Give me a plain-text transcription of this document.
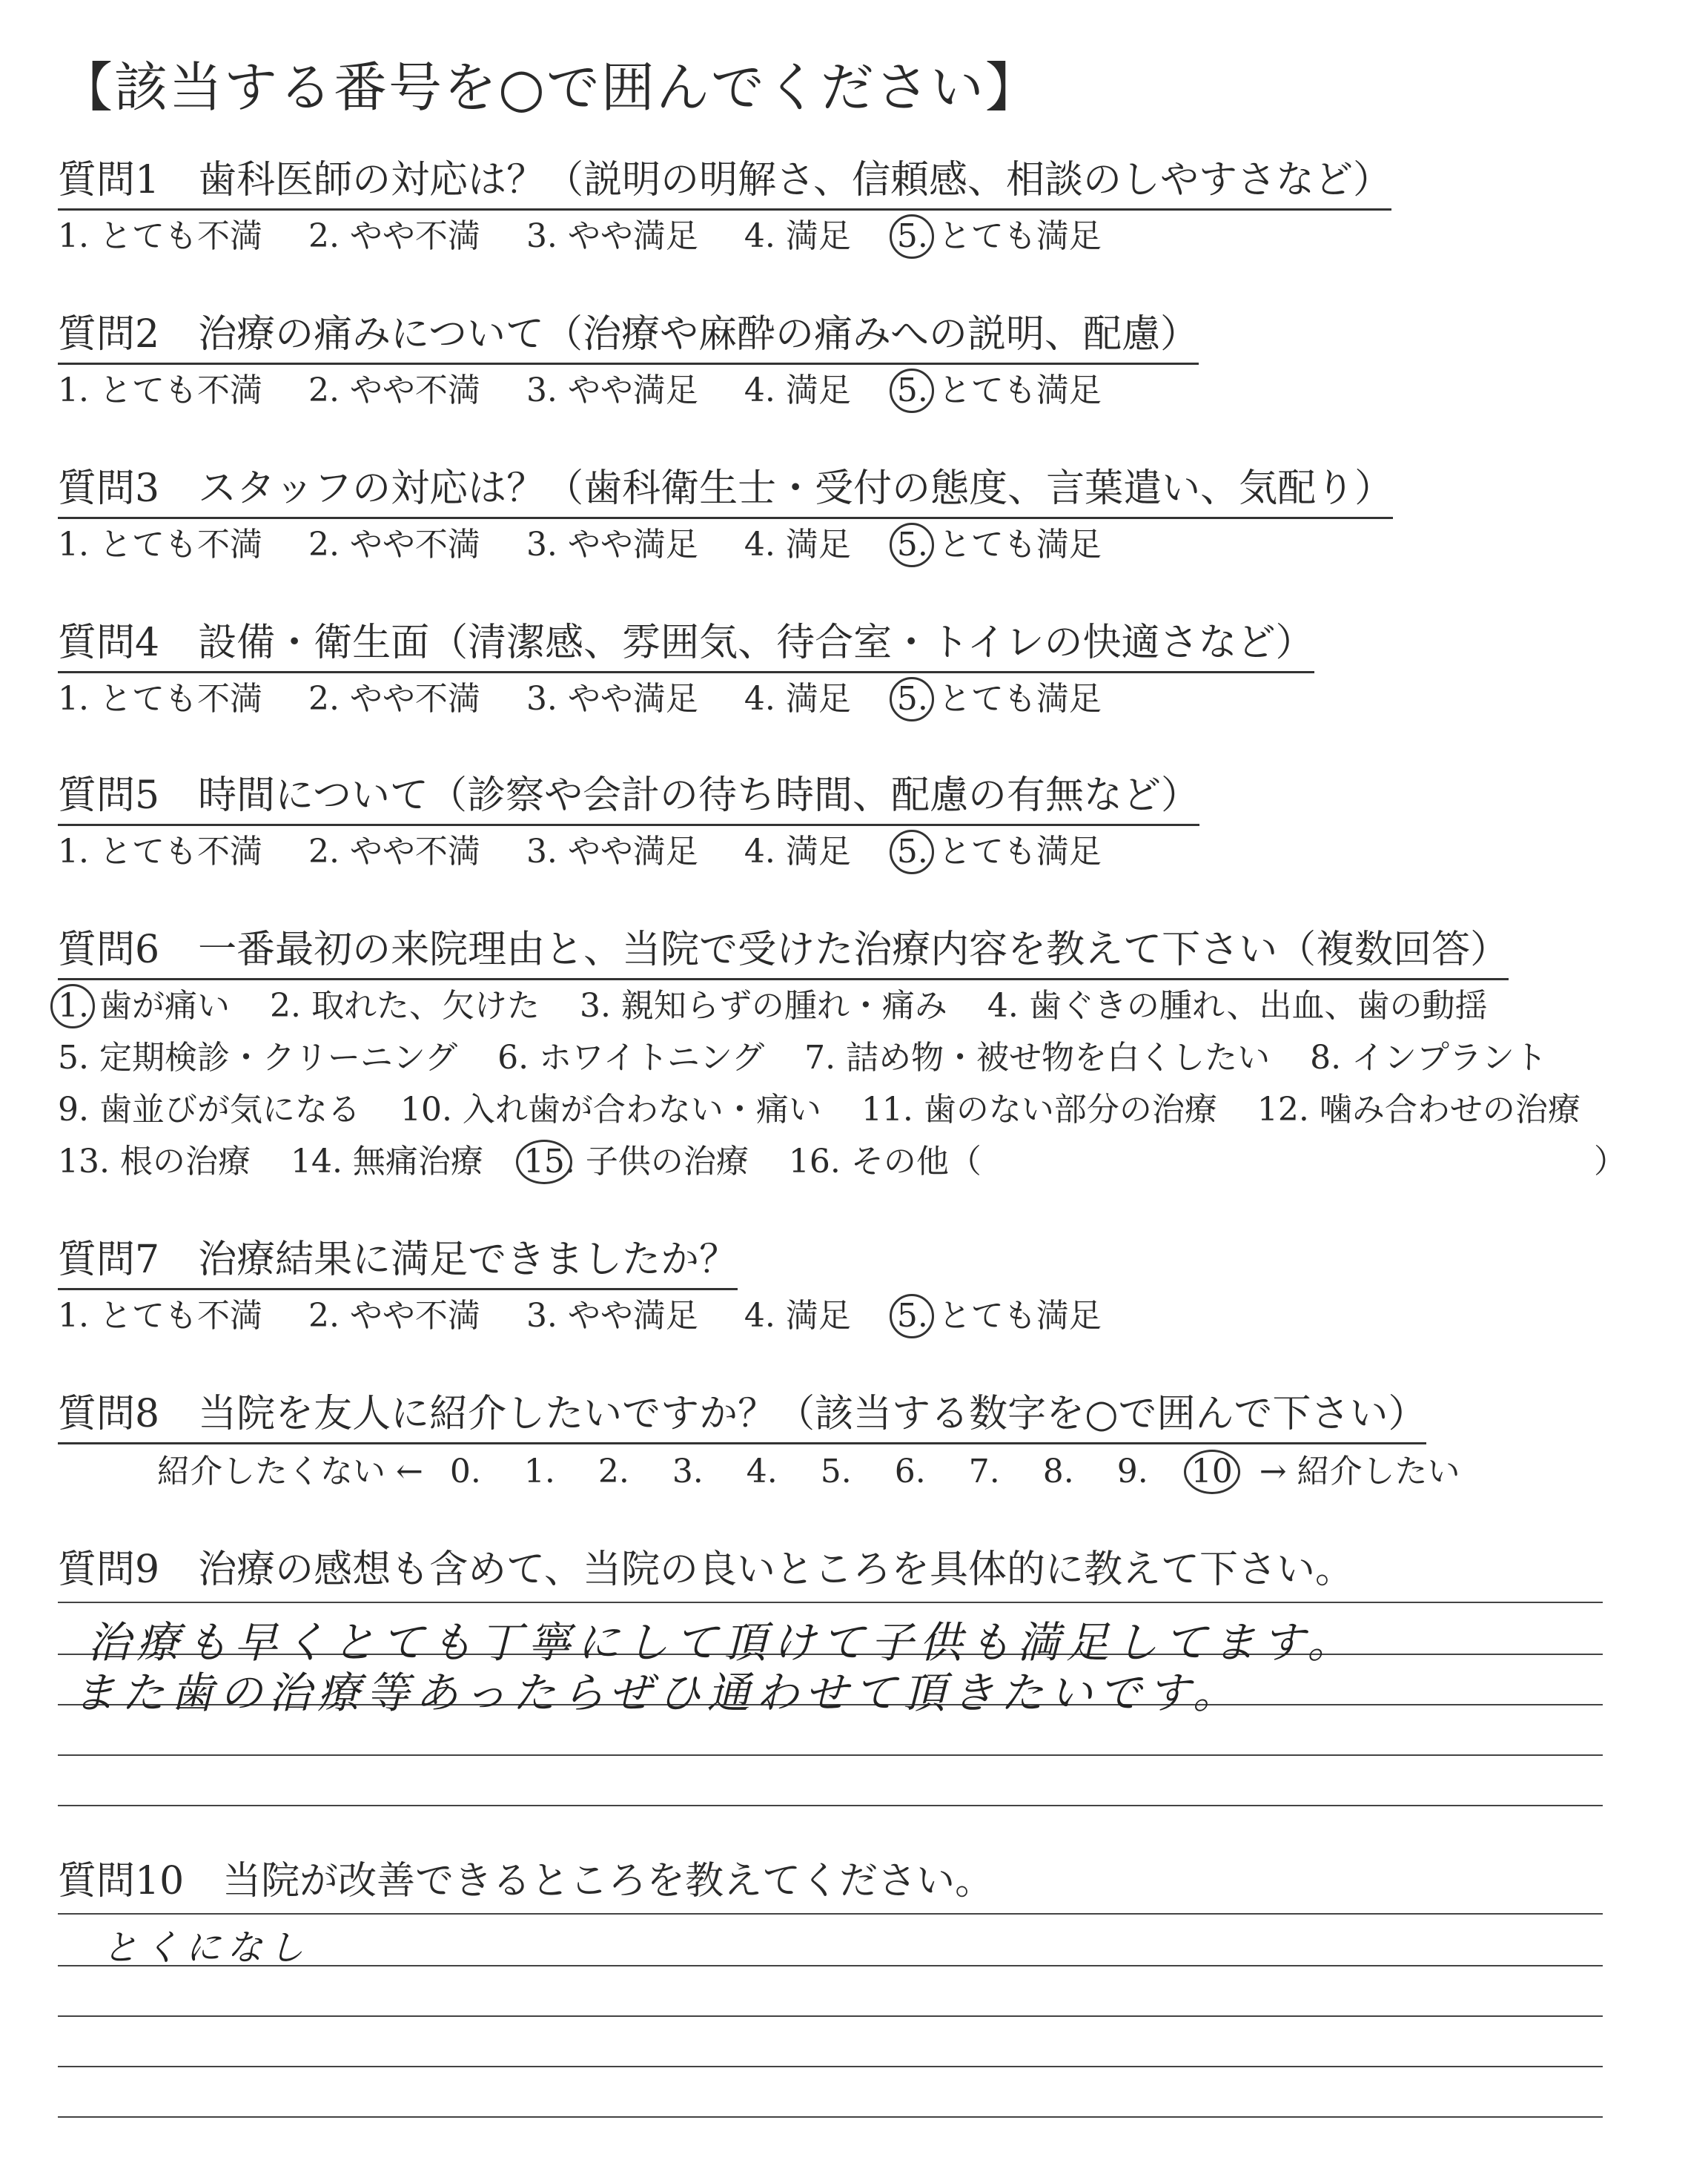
【該当する番号を○で囲んでください】
質問1　歯科医師の対応は？（説明の明解さ、信頼感、相談のしやすさなど）
1. とても不満 2. やや不満 3. やや満足 4. 満足 5. とても満足
質問2　治療の痛みについて（治療や麻酔の痛みへの説明、配慮）
1. とても不満 2. やや不満 3. やや満足 4. 満足 5. とても満足
質問3　スタッフの対応は？（歯科衛生士・受付の態度、言葉遣い、気配り）
1. とても不満 2. やや不満 3. やや満足 4. 満足 5. とても満足
質問4　設備・衛生面（清潔感、雰囲気、待合室・トイレの快適さなど）
1. とても不満 2. やや不満 3. やや満足 4. 満足 5. とても満足
質問5　時間について（診察や会計の待ち時間、配慮の有無など）
1. とても不満 2. やや不満 3. やや満足 4. 満足 5. とても満足
質問6　一番最初の来院理由と、当院で受けた治療内容を教えて下さい（複数回答）
1. 歯が痛い 2. 取れた、欠けた 3. 親知らずの腫れ・痛み 4. 歯ぐきの腫れ、出血、歯の動揺
5. 定期検診・クリーニング 6. ホワイトニング 7. 詰め物・被せ物を白くしたい 8. インプラント
9. 歯並びが気になる 10. 入れ歯が合わない・痛い 11. 歯のない部分の治療 12. 噛み合わせの治療
13. 根の治療 14. 無痛治療 15. 子供の治療 16. その他（	）
質問7　治療結果に満足できましたか？
1. とても不満 2. やや不満 3. やや満足 4. 満足 5. とても満足
質問8　当院を友人に紹介したいですか？（該当する数字を○で囲んで下さい）
紹介したくない ← 0. 1. 2. 3. 4. 5. 6. 7. 8. 9. 10 → 紹介したい
質問9　治療の感想も含めて、当院の良いところを具体的に教えて下さい。
治療も早くとても丁寧にして頂けて子供も満足してます。
また歯の治療等あったらぜひ通わせて頂きたいです。
質問10　当院が改善できるところを教えてください。
とくになし
